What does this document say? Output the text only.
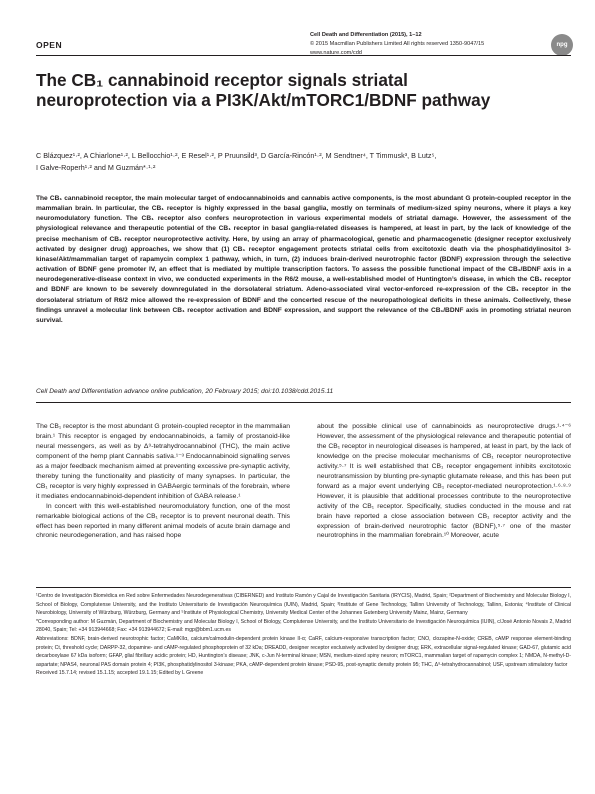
OPEN
Cell Death and Differentiation (2015), 1–12
© 2015 Macmillan Publishers Limited All rights reserved 1350-9047/15
www.nature.com/cdd
npg
The CB₁ cannabinoid receptor signals striatal neuroprotection via a PI3K/Akt/mTORC1/BDNF pathway
C Blázquez¹·², A Chiarlone¹·², L Bellocchio¹·², E Resel¹·², P Pruunsild³, D García-Rincón¹·², M Sendtner⁴, T Timmusk³, B Lutz⁵,
I Galve-Roperh¹·² and M Guzmán*·¹·²

The CB₁ cannabinoid receptor, the main molecular target of endocannabinoids and cannabis active components, is the most abundant G protein-coupled receptor in the mammalian brain. In particular, the CB₁ receptor is highly expressed in the basal ganglia, mostly on terminals of medium-sized spiny neurons, where it plays a key neuromodulatory function. The CB₁ receptor also confers neuroprotection in various experimental models of striatal damage. However, the assessment of the physiological relevance and therapeutic potential of the CB₁ receptor in basal ganglia-related diseases is hampered, at least in part, by the lack of knowledge of the precise mechanism of CB₁ receptor neuroprotective activity. Here, by using an array of pharmacological, genetic and pharmacogenetic (designer receptor exclusively activated by designer drug) approaches, we show that (1) CB₁ receptor engagement protects striatal cells from excitotoxic death via the phosphatidylinositol 3-kinase/Akt/mammalian target of rapamycin complex 1 pathway, which, in turn, (2) induces brain-derived neurotrophic factor (BDNF) expression through the selective activation of BDNF gene promoter IV, an effect that is mediated by multiple transcription factors. To assess the possible functional impact of the CB₁/BDNF axis in a neurodegenerative-disease context in vivo, we conducted experiments in the R6/2 mouse, a well-established model of Huntington’s disease, in which the CB₁ receptor and BDNF are known to be severely downregulated in the dorsolateral striatum. Adeno-associated viral vector-enforced re-expression of the CB₁ receptor in the dorsolateral striatum of R6/2 mice allowed the re-expression of BDNF and the concerted rescue of the neuropathological deficits in these animals. Collectively, these findings unravel a molecular link between CB₁ receptor activation and BDNF expression, and support the relevance of the CB₁/BDNF axis in promoting striatal neuron survival.

Cell Death and Differentiation advance online publication, 20 February 2015; doi:10.1038/cdd.2015.11

The CB₁ receptor is the most abundant G protein-coupled receptor in the mammalian brain.¹ This receptor is engaged by endocannabinoids, a family of prostanoid-like neural messengers, as well as by Δ⁹-tetrahydrocannabinol (THC), the main active component of the hemp plant Cannabis sativa.¹⁻³ Endocannabinoid signalling serves as a major feedback mechanism aimed at preventing excessive pre-synaptic activity, thereby tuning the functionality and plasticity of many synapses. In particular, the CB₁ receptor is very highly expressed in GABAergic terminals of the forebrain, where it mediates endocannabinoid-dependent inhibition of GABA release.¹

In concert with this well-established neuromodulatory function, one of the most remarkable biological actions of the CB₁ receptor is to prevent neuronal death. This effect has been reported in many different animal models of acute brain damage and chronic neurodegeneration, and has raised hope

about the possible clinical use of cannabinoids as neuroprotective drugs.¹·⁴⁻⁶ However, the assessment of the physiological relevance and therapeutic potential of the CB₁ receptor in neurological diseases is hampered, at least in part, by the lack of knowledge on the precise molecular mechanisms of CB₁ receptor neuroprotective activity.⁵·⁷ It is well established that CB₁ receptor engagement inhibits excitotoxic neurotransmission by blunting pre-synaptic glutamate release, and this has been put forward as a major event underlying CB₁ receptor-mediated neuroprotection.¹·⁶·⁸·⁹ However, it is plausible that additional processes contribute to the neuroprotective activity of the CB₁ receptor. Specifically, studies conducted in the mouse and rat brain have reported a close association between CB₁ receptor activity and the expression of brain-derived neurotrophic factor (BDNF),⁵·⁷ one of the master neurotrophins in the mammalian forebrain.¹⁰ Moreover, acute

¹Centro de Investigación Biomédica en Red sobre Enfermedades Neurodegenerativas (CIBERNED) and Instituto Ramón y Cajal de Investigación Sanitaria (IRYCIS), Madrid, Spain; ²Department of Biochemistry and Molecular Biology I, School of Biology, Complutense University, and the Instituto Universitario de Investigación Neuroquímica (IUIN), Madrid, Spain; ³Institute of Gene Technology, Tallinn University of Technology, Tallinn, Estonia; ⁴Institute of Clinical Neurobiology, University of Würzburg, Würzburg, Germany and ⁵Institute of Physiological Chemistry, University Medical Center of the Johannes Gutenberg University Mainz, Mainz, Germany

*Corresponding author: M Guzmán, Department of Biochemistry and Molecular Biology I, School of Biology, Complutense University, and the Instituto Universitario de Investigación Neuroquímica (IUIN), c/José Antonio Novais 2, Madrid 28040, Spain; Tel: +34 913944668; Fax: +34 913944672; E-mail: mgp@bbm1.ucm.es

Abbreviations: BDNF, brain-derived neurotrophic factor; CaMKIIα, calcium/calmodulin-dependent protein kinase II-α; CaRF, calcium-responsive transcription factor; CNO, clozapine-N-oxide; CREB, cAMP response element-binding protein; Ct, threshold cycle; DARPP-32, dopamine- and cAMP-regulated phosphoprotein of 32 kDa; DREADD, designer receptor exclusively activated by designer drug; ERK, extracellular signal-regulated kinase; GAD-67, glutamic acid decarboxylase 67 kDa isoform; GFAP, glial fibrillary acidic protein; HD, Huntington’s disease; JNK, c-Jun N-terminal kinase; MSN, medium-sized spiny neuron; mTORC1, mammalian target of rapamycin complex 1; NMDA, N-methyl-D-aspartate; NPAS4, neuronal PAS domain protein 4; PI3K, phosphatidylinositol 3-kinase; PKA, cAMP-dependent protein kinase; PSD-95, post-synaptic density protein 95; THC, Δ⁹-tetrahydrocannabinol; USF, upstream stimulatory factor

Received 15.7.14; revised 15.1.15; accepted 19.1.15; Edited by L Greene
